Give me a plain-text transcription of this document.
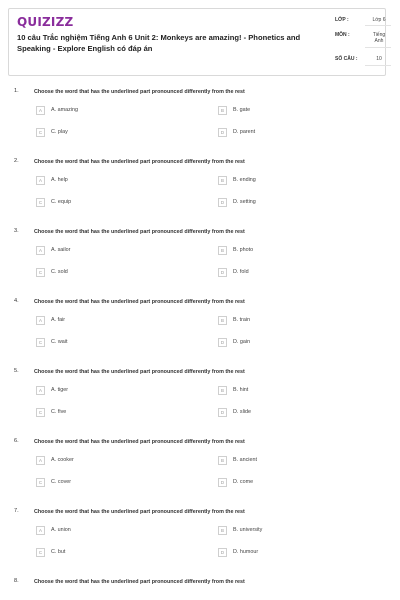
QUIZIZZ
10 câu Trắc nghiệm Tiếng Anh 6 Unit 2: Monkeys are amazing! - Phonetics and Speaking - Explore English có đáp án
LỚP :	Lớp 6
MÔN :	Tiếng Anh
SỐ CÂU :	10
1.	Choose the word that has the underlined part pronounced differently from the rest
A	A. amazing	B	B. gate
C	C. play	D	D. parent
2.	Choose the word that has the underlined part pronounced differently from the rest
A	A. help	B	B. ending
C	C. equip	D	D. setting
3.	Choose the word that has the underlined part pronounced differently from the rest
A	A. sailor	B	B. photo
C	C. sold	D	D. fold
4.	Choose the word that has the underlined part pronounced differently from the rest
A	A. fair	B	B. train
C	C. wait	D	D. gain
5.	Choose the word that has the underlined part pronounced differently from the rest
A	A. tiger	B	B. hint
C	C. five	D	D. slide
6.	Choose the word that has the underlined part pronounced differently from the rest
A	A. cooker	B	B. ancient
C	C. cover	D	D. come
7.	Choose the word that has the underlined part pronounced differently from the rest
A	A. union	B	B. university
C	C. but	D	D. humour
8.	Choose the word that has the underlined part pronounced differently from the rest
